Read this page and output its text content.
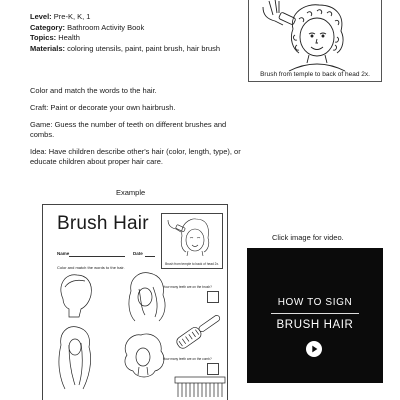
Level: Pre-K, K, 1
Category: Bathroom Activity Book
Topics: Health
Materials: coloring utensils, paint, paint brush, hair brush
Brush from temple to back of head 2x.

Color and match the words to the hair.

Craft: Paint or decorate your own hairbrush.

Game: Guess the number of teeth on different brushes and combs.

Idea: Have children describe other's hair (color, length, type), or educate children about proper hair care.

Example
Brush Hair
Name	Date
Color and match the words to the hair.
Brush from temple to back of head 2x.
How many teeth are on the brush?
How many teeth are on the comb?
Click image for video.
HOW TO SIGN
BRUSH HAIR
